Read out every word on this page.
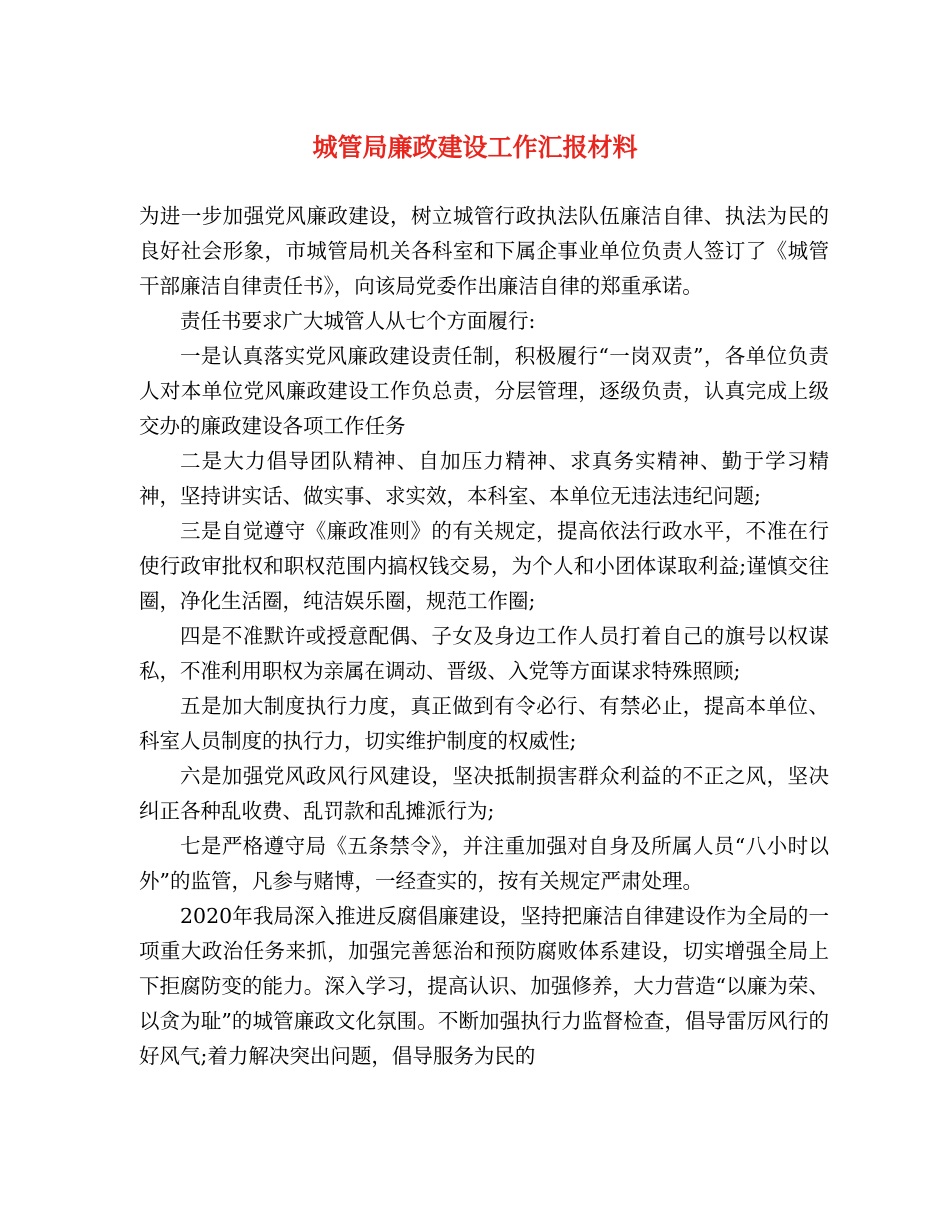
城管局廉政建设工作汇报材料

为进一步加强党风廉政建设，树立城管行政执法队伍廉洁自律、执法为民的良好社会形象，市城管局机关各科室和下属企事业单位负责人签订了《城管干部廉洁自律责任书》，向该局党委作出廉洁自律的郑重承诺。

责任书要求广大城管人从七个方面履行:

一是认真落实党风廉政建设责任制，积极履行“一岗双责”，各单位负责人对本单位党风廉政建设工作负总责，分层管理，逐级负责，认真完成上级交办的廉政建设各项工作任务

二是大力倡导团队精神、自加压力精神、求真务实精神、勤于学习精神，坚持讲实话、做实事、求实效，本科室、本单位无违法违纪问题;

三是自觉遵守《廉政准则》的有关规定，提高依法行政水平，不准在行使行政审批权和职权范围内搞权钱交易，为个人和小团体谋取利益;谨慎交往圈，净化生活圈，纯洁娱乐圈，规范工作圈;

四是不准默许或授意配偶、子女及身边工作人员打着自己的旗号以权谋私，不准利用职权为亲属在调动、晋级、入党等方面谋求特殊照顾;

五是加大制度执行力度，真正做到有令必行、有禁必止，提高本单位、科室人员制度的执行力，切实维护制度的权威性;

六是加强党风政风行风建设，坚决抵制损害群众利益的不正之风，坚决纠正各种乱收费、乱罚款和乱摊派行为;

七是严格遵守局《五条禁令》，并注重加强对自身及所属人员“八小时以外”的监管，凡参与赌博，一经查实的，按有关规定严肃处理。

2020年我局深入推进反腐倡廉建设，坚持把廉洁自律建设作为全局的一项重大政治任务来抓，加强完善惩治和预防腐败体系建设，切实增强全局上下拒腐防变的能力。深入学习，提高认识、加强修养，大力营造“以廉为荣、以贪为耻”的城管廉政文化氛围。不断加强执行力监督检查，倡导雷厉风行的好风气;着力解决突出问题，倡导服务为民的
